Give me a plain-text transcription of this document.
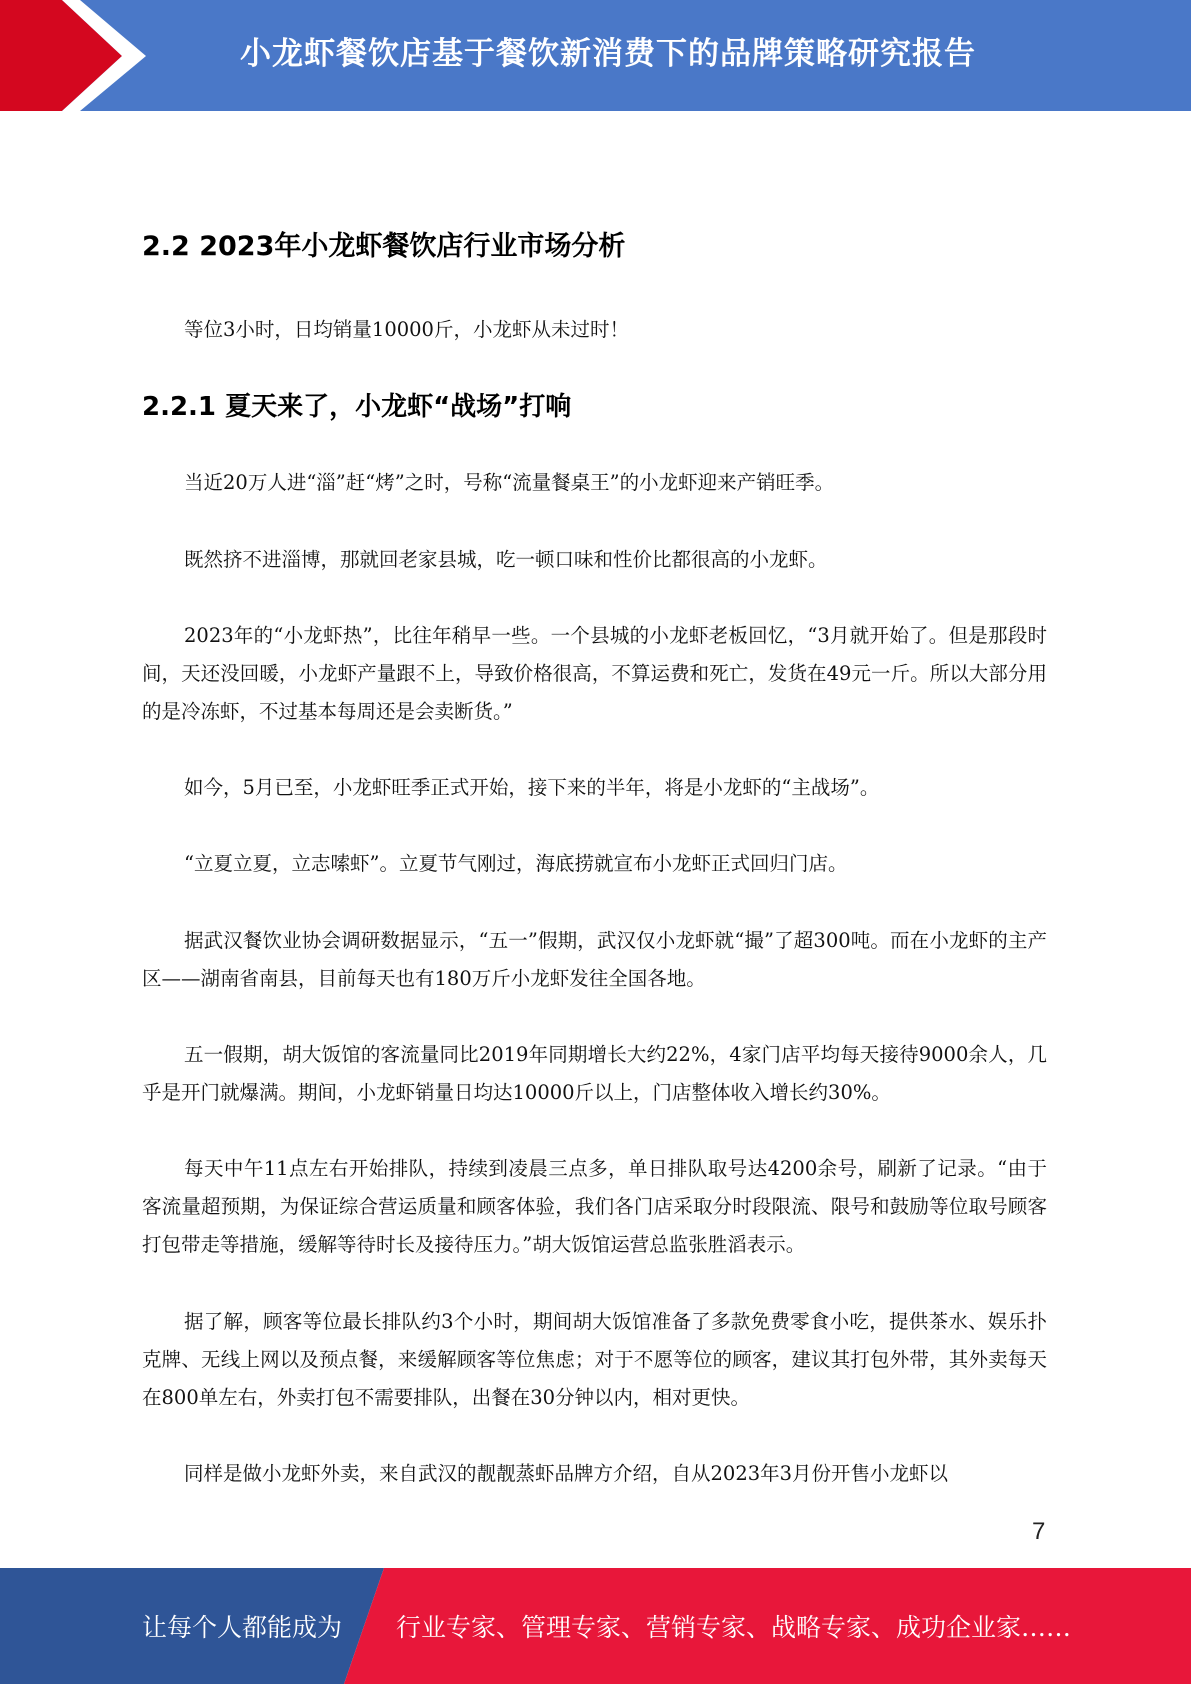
小龙虾餐饮店基于餐饮新消费下的品牌策略研究报告
2.2 2023年小龙虾餐饮店行业市场分析

等位3小时，日均销量10000斤，小龙虾从未过时！

2.2.1 夏天来了，小龙虾“战场”打响

当近20万人进“淄”赶“烤”之时，号称“流量餐桌王”的小龙虾迎来产销旺季。

既然挤不进淄博，那就回老家县城，吃一顿口味和性价比都很高的小龙虾。

2023年的“小龙虾热”，比往年稍早一些。一个县城的小龙虾老板回忆，“3月就开始了。但是那段时间，天还没回暖，小龙虾产量跟不上，导致价格很高，不算运费和死亡，发货在49元一斤。所以大部分用的是冷冻虾，不过基本每周还是会卖断货。”

如今，5月已至，小龙虾旺季正式开始，接下来的半年，将是小龙虾的“主战场”。

“立夏立夏，立志嗦虾”。立夏节气刚过，海底捞就宣布小龙虾正式回归门店。

据武汉餐饮业协会调研数据显示，“五一”假期，武汉仅小龙虾就“撮”了超300吨。而在小龙虾的主产区——湖南省南县，目前每天也有180万斤小龙虾发往全国各地。

五一假期，胡大饭馆的客流量同比2019年同期增长大约22%，4家门店平均每天接待9000余人，几乎是开门就爆满。期间，小龙虾销量日均达10000斤以上，门店整体收入增长约30%。

每天中午11点左右开始排队，持续到凌晨三点多，单日排队取号达4200余号，刷新了记录。“由于客流量超预期，为保证综合营运质量和顾客体验，我们各门店采取分时段限流、限号和鼓励等位取号顾客打包带走等措施，缓解等待时长及接待压力。”胡大饭馆运营总监张胜滔表示。

据了解，顾客等位最长排队约3个小时，期间胡大饭馆准备了多款免费零食小吃，提供茶水、娱乐扑克牌、无线上网以及预点餐，来缓解顾客等位焦虑；对于不愿等位的顾客，建议其打包外带，其外卖每天在800单左右，外卖打包不需要排队，出餐在30分钟以内，相对更快。

同样是做小龙虾外卖，来自武汉的靓靓蒸虾品牌方介绍，自从2023年3月份开售小龙虾以

7
让每个人都能成为 行业专家、管理专家、营销专家、战略专家、成功企业家……
